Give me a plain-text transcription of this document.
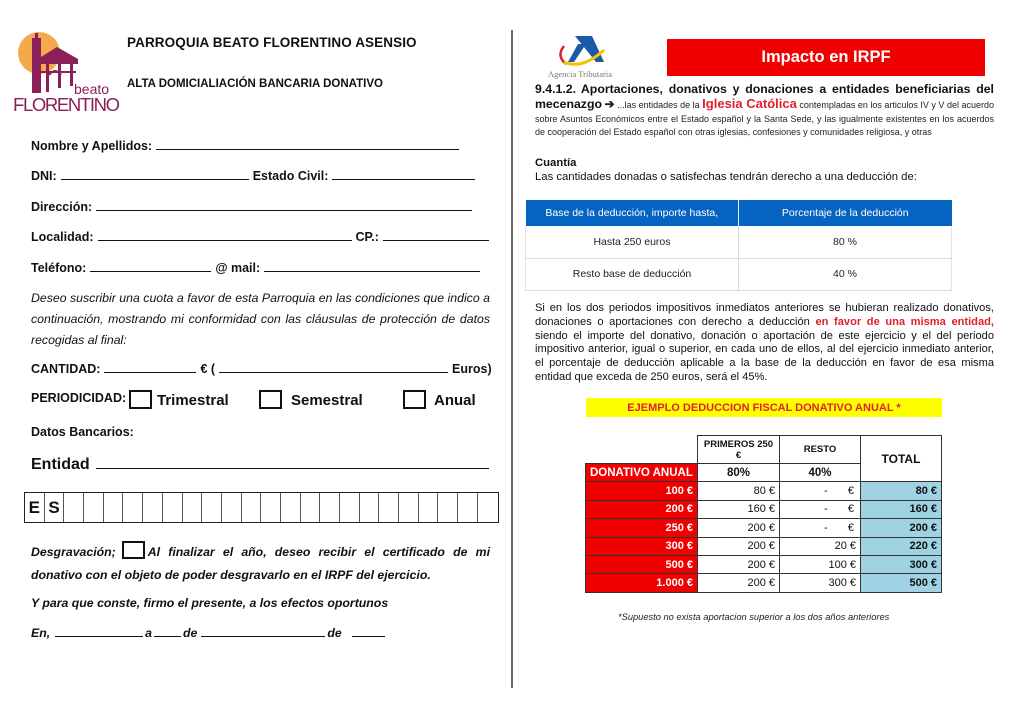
beato
FLORENTINO
PARROQUIA BEATO FLORENTINO ASENSIO
ALTA DOMICIALIACIÓN BANCARIA DONATIVO
Nombre y Apellidos:
DNI:	Estado Civil:
Dirección:
Localidad:	CP.:
Teléfono:	@ mail:
Deseo suscribir una cuota a favor de esta Parroquia en las condiciones que indico a continuación, mostrando mi conformidad con las cláusulas de protección de datos recogidas al final:
CANTIDAD:	€ (	Euros)
PERIODICIDAD: Trimestral	Semestral	Anual
Datos Bancarios:
Entidad
E S
Desgravación;	Al finalizar el año, deseo recibir el certificado de mi donativo con el objeto de poder desgravarlo en el IRPF del ejercicio.
Y para que conste, firmo el presente, a los efectos oportunos
En,	a	de	de
Agencia Tributaria
Impacto en IRPF
9.4.1.2. Aportaciones, donativos y donaciones a entidades beneficiarias del mecenazgo ➔ ...las entidades de la Iglesia Católica contempladas en los articulos IV y V del acuerdo sobre Asuntos Económicos entre el Estado español y la Santa Sede, y las igualmente existentes en los acuerdos de cooperación del Estado español con otras iglesias, confesiones y comunidades religiosa, y otras
Cuantía
Las cantidades donadas o satisfechas tendrán derecho a una deducción de:
Base de la deducción, importe hasta,	Porcentaje de la deducción
Hasta 250 euros	80 %
Resto base de deducción	40 %
Si en los dos periodos impositivos inmediatos anteriores se hubieran realizado donativos, donaciones o aportaciones con derecho a deducción en favor de una misma entidad, siendo el importe del donativo, donación o aportación de este ejercicio y el del periodo impositivo anterior, igual o superior, en cada uno de ellos, al del ejercicio inmediato anterior, el porcentaje de deducción aplicable a la base de la deducción en favor de esa misma entidad que exceda de 250 euros, será el 45%.
EJEMPLO DEDUCCION FISCAL DONATIVO ANUAL *
	PRIMEROS 250 €	RESTO	TOTAL
DONATIVO ANUAL	80%	40%	
100 €	80 €	- €	80 €
200 €	160 €	- €	160 €
250 €	200 €	- €	200 €
300 €	200 €	20 €	220 €
500 €	200 €	100 €	300 €
1.000 €	200 €	300 €	500 €
*Supuesto no exista aportacion superior a los dos años anteriores
